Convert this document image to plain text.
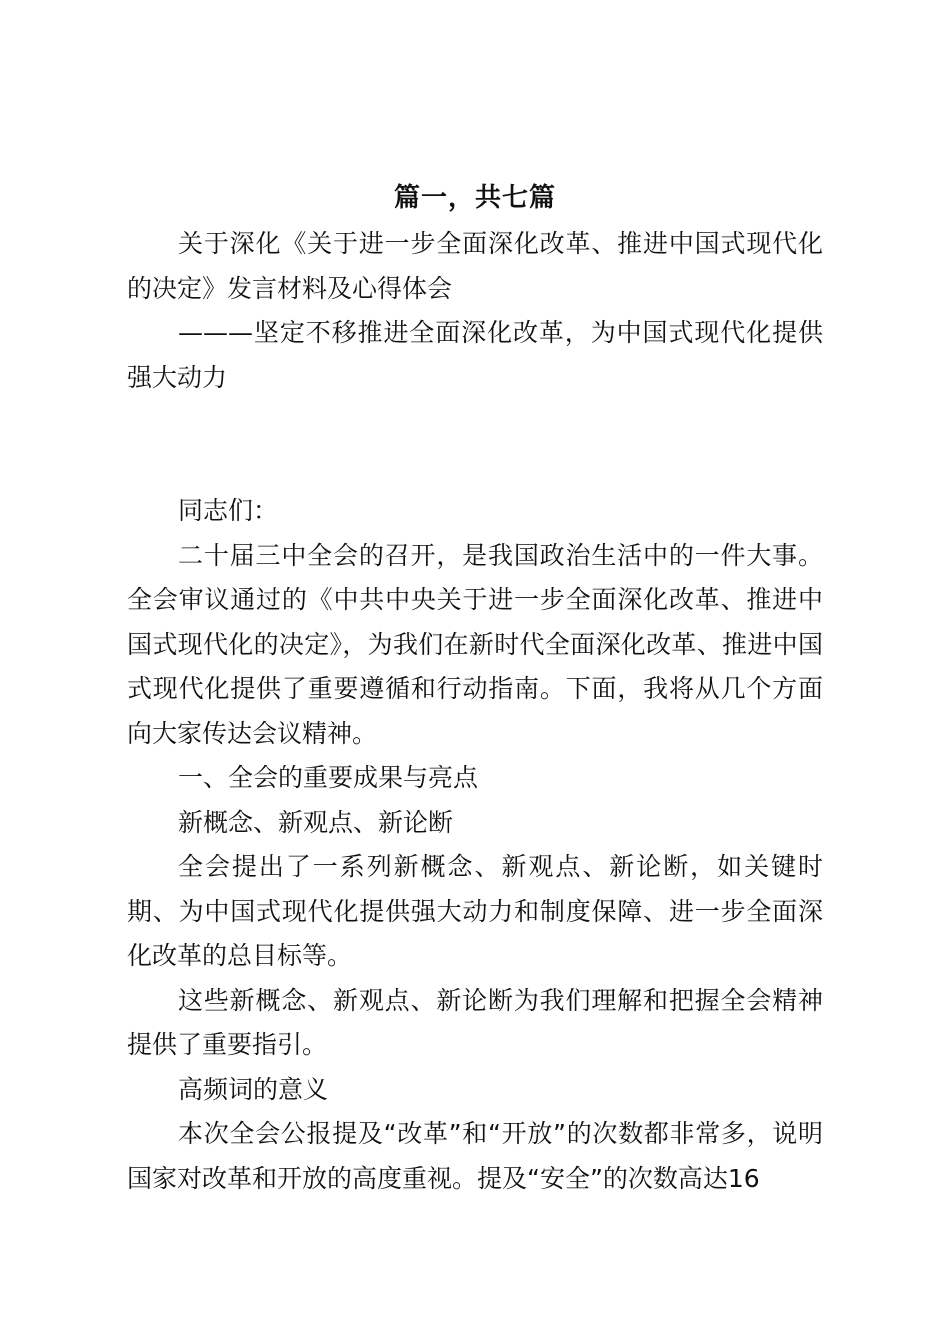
篇一，共七篇

关于深化《关于进一步全面深化改革、推进中国式现代化的决定》发言材料及心得体会

———坚定不移推进全面深化改革，为中国式现代化提供强大动力

同志们：

二十届三中全会的召开，是我国政治生活中的一件大事。全会审议通过的《中共中央关于进一步全面深化改革、推进中国式现代化的决定》，为我们在新时代全面深化改革、推进中国式现代化提供了重要遵循和行动指南。下面，我将从几个方面向大家传达会议精神。

一、全会的重要成果与亮点

新概念、新观点、新论断

全会提出了一系列新概念、新观点、新论断，如关键时期、为中国式现代化提供强大动力和制度保障、进一步全面深化改革的总目标等。

这些新概念、新观点、新论断为我们理解和把握全会精神提供了重要指引。

高频词的意义

本次全会公报提及“改革”和“开放”的次数都非常多，说明国家对改革和开放的高度重视。提及“安全”的次数高达16
